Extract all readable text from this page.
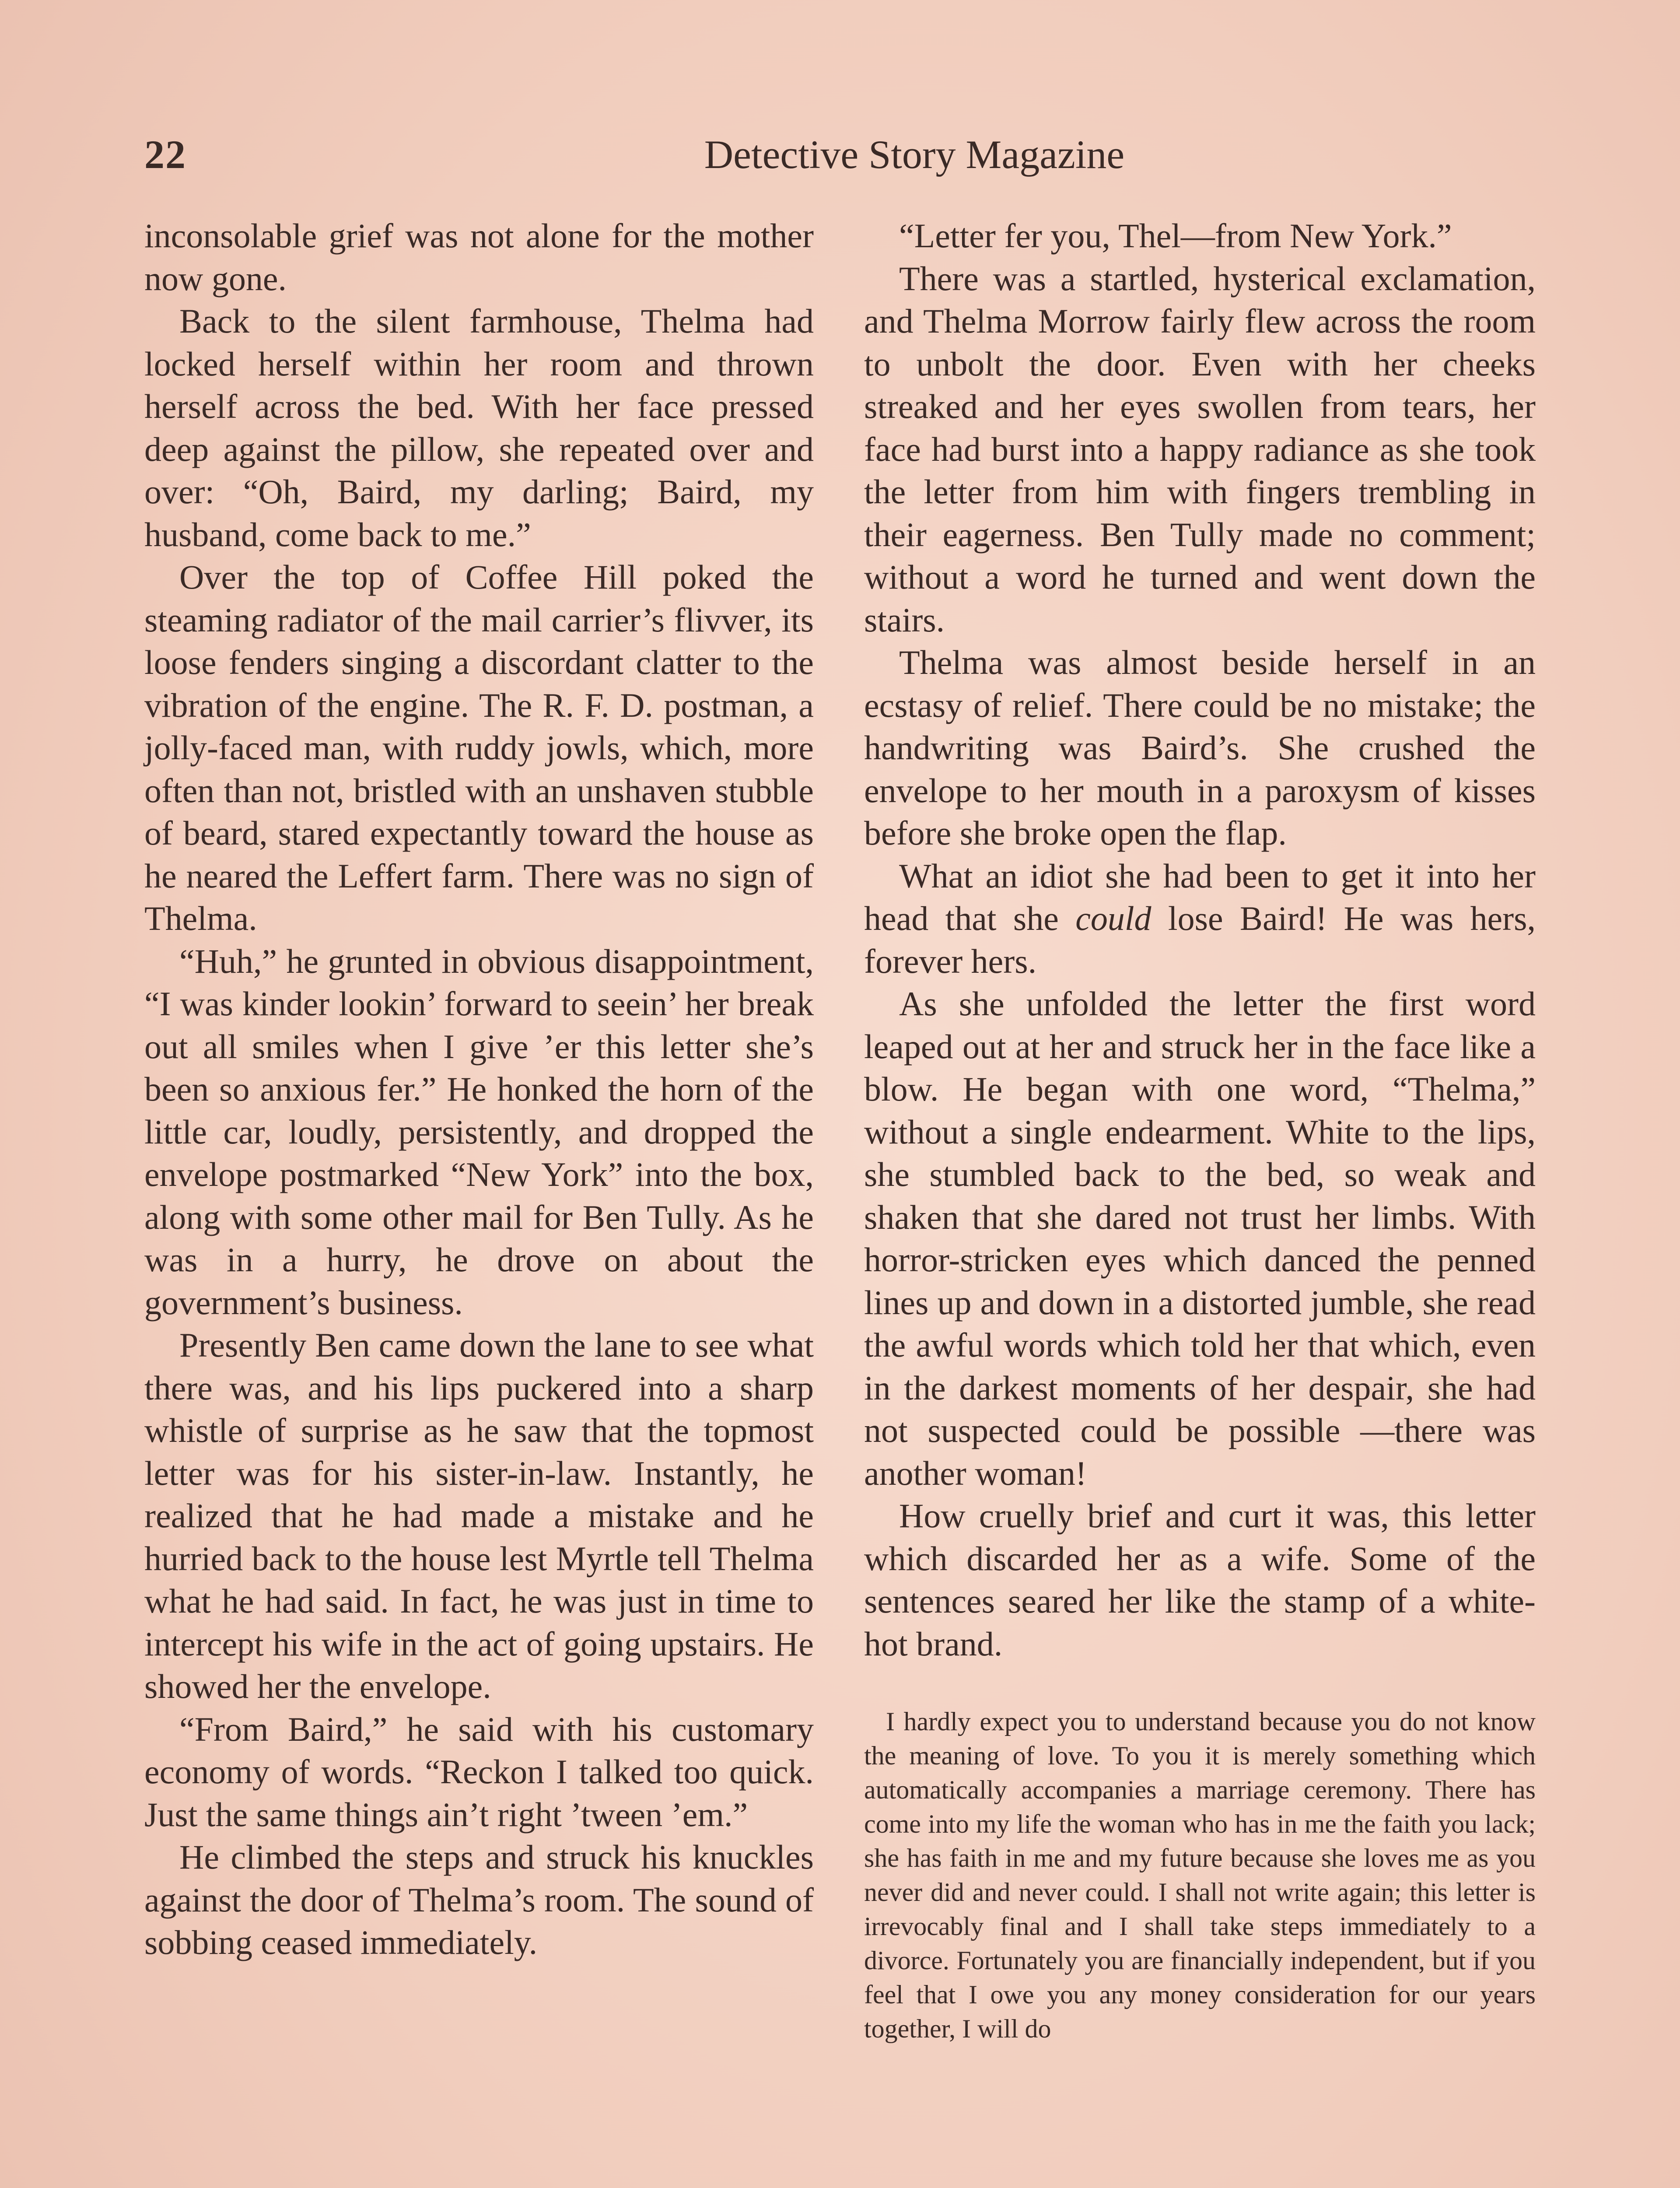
22	Detective Story Magazine

inconsolable grief was not alone for the mother now gone.

Back to the silent farmhouse, Thelma had locked herself within her room and thrown herself across the bed. With her face pressed deep against the pillow, she repeated over and over: “Oh, Baird, my darling; Baird, my husband, come back to me.”

Over the top of Coffee Hill poked the steaming radiator of the mail carrier’s flivver, its loose fenders singing a discordant clatter to the vibration of the engine. The R. F. D. postman, a jolly-faced man, with ruddy jowls, which, more often than not, bristled with an unshaven stubble of beard, stared expectantly toward the house as he neared the Leffert farm. There was no sign of Thelma.

“Huh,” he grunted in obvious disappointment, “I was kinder lookin’ forward to seein’ her break out all smiles when I give ’er this letter she’s been so anxious fer.” He honked the horn of the little car, loudly, persistently, and dropped the envelope postmarked “New York” into the box, along with some other mail for Ben Tully. As he was in a hurry, he drove on about the government’s business.

Presently Ben came down the lane to see what there was, and his lips puckered into a sharp whistle of surprise as he saw that the topmost letter was for his sister-in-law. Instantly, he realized that he had made a mistake and he hurried back to the house lest Myrtle tell Thelma what he had said. In fact, he was just in time to intercept his wife in the act of going upstairs. He showed her the envelope.

“From Baird,” he said with his customary economy of words. “Reckon I talked too quick. Just the same things ain’t right ’tween ’em.”

He climbed the steps and struck his knuckles against the door of Thelma’s room. The sound of sobbing ceased immediately.

“Letter fer you, Thel—from New York.”

There was a startled, hysterical exclamation, and Thelma Morrow fairly flew across the room to unbolt the door. Even with her cheeks streaked and her eyes swollen from tears, her face had burst into a happy radiance as she took the letter from him with fingers trembling in their eagerness. Ben Tully made no comment; without a word he turned and went down the stairs.

Thelma was almost beside herself in an ecstasy of relief. There could be no mistake; the handwriting was Baird’s. She crushed the envelope to her mouth in a paroxysm of kisses before she broke open the flap.

What an idiot she had been to get it into her head that she could lose Baird! He was hers, forever hers.

As she unfolded the letter the first word leaped out at her and struck her in the face like a blow. He began with one word, “Thelma,” without a single endearment. White to the lips, she stumbled back to the bed, so weak and shaken that she dared not trust her limbs. With horror-stricken eyes which danced the penned lines up and down in a distorted jumble, she read the awful words which told her that which, even in the darkest moments of her despair, she had not suspected could be possible —there was another woman!

How cruelly brief and curt it was, this letter which discarded her as a wife. Some of the sentences seared her like the stamp of a white-hot brand.

I hardly expect you to understand because you do not know the meaning of love. To you it is merely something which automatically accompanies a marriage ceremony. There has come into my life the woman who has in me the faith you lack; she has faith in me and my future because she loves me as you never did and never could. I shall not write again; this letter is irrevocably final and I shall take steps immediately to a divorce. Fortunately you are financially independent, but if you feel that I owe you any money consideration for our years together, I will do
